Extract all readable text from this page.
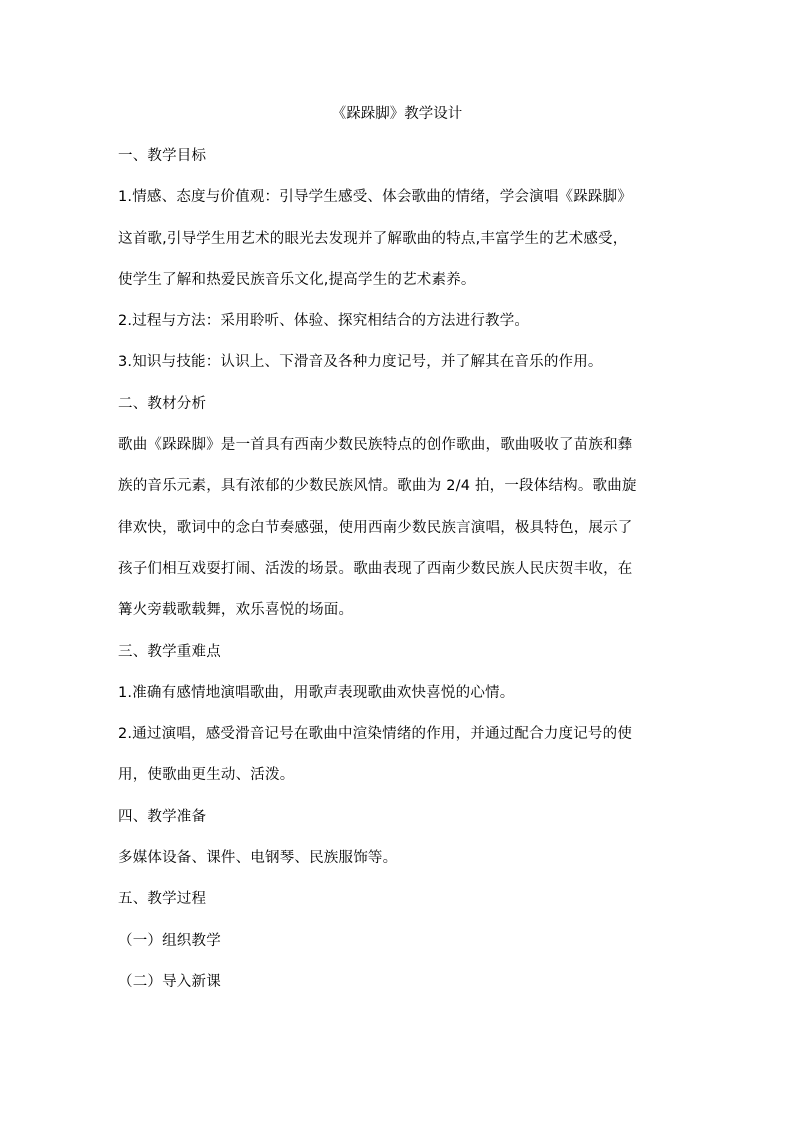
《跺跺脚》教学设计
一、教学目标
1.情感、态度与价值观：引导学生感受、体会歌曲的情绪，学会演唱《跺跺脚》
这首歌,引导学生用艺术的眼光去发现并了解歌曲的特点,丰富学生的艺术感受，
使学生了解和热爱民族音乐文化,提高学生的艺术素养。
2.过程与方法：采用聆听、体验、探究相结合的方法进行教学。
3.知识与技能：认识上、下滑音及各种力度记号，并了解其在音乐的作用。
二、教材分析
歌曲《跺跺脚》是一首具有西南少数民族特点的创作歌曲，歌曲吸收了苗族和彝
族的音乐元素，具有浓郁的少数民族风情。歌曲为 2/4 拍，一段体结构。歌曲旋
律欢快，歌词中的念白节奏感强，使用西南少数民族言演唱，极具特色，展示了
孩子们相互戏耍打闹、活泼的场景。歌曲表现了西南少数民族人民庆贺丰收，在
篝火旁载歌载舞，欢乐喜悦的场面。
三、教学重难点
1.准确有感情地演唱歌曲，用歌声表现歌曲欢快喜悦的心情。
2.通过演唱，感受滑音记号在歌曲中渲染情绪的作用，并通过配合力度记号的使
用，使歌曲更生动、活泼。
四、教学准备
多媒体设备、课件、电钢琴、民族服饰等。
五、教学过程
（一）组织教学
（二）导入新课
